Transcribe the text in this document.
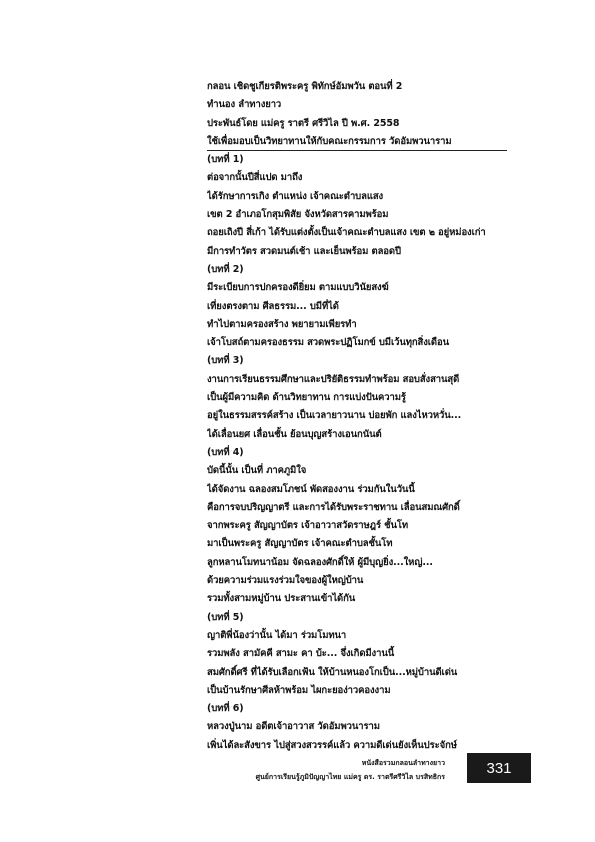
กลอน เชิดชูเกียรติพระครู พิทักษ์อัมพวัน ตอนที่ 2
ทำนอง ลำทางยาว
ประพันธ์โดย แม่ครู ราตรี ศรีวิไล ปี พ.ศ. 2558
ใช้เพื่อมอบเป็นวิทยาทานให้กับคณะกรรมการ วัดอัมพวนาราม
(บทที่ 1)
ต่อจากนั้นปีสี่แปด มาถึง
ได้รักษาการเกิง ตำแหน่ง เจ้าคณะตำบลแสง
เขต 2 อำเภอโกสุมพิสัย จังหวัดสารคามพร้อม
ถอยเถิงปี สี่เก้า ได้รับแต่งตั้งเป็นเจ้าคณะตำบลแสง เขต ๒ อยู่หม่องเก่า
มีการทำวัตร สวดมนต์เช้า และเย็นพร้อม ตลอดปี
(บทที่ 2)
มีระเบียบการปกครองดียิ่ยม ตามแบบวินัยสงฆ์
เที่ยงตรงตาม ศีลธรรม... บมีที่ได้
ทำไปตามครองสร้าง พยายามเพียรทำ
เจ้าโบสถ์ตามครองธรรม สวดพระปฏิโมกข์ บมีเว้นทุกสิ่งเดือน
(บทที่ 3)
งานการเรียนธรรมศึกษาและปริยัติธรรมทำพร้อม สอบสั่งสานสุดี
เป็นผู้มีความคิด ด้านวิทยาทาน การแบ่งปันความรู้
อยู่ในธรรมสรรค์สร้าง เป็นเวลายาวนาน บ่อยพัก แลงไหวหวั่น...
ได้เลื่อนยศ เลื่อนชั้น ย้อนบุญสร้างเอนกนันต์
(บทที่ 4)
บัดนี้นั้น เป็นที่ ภาคภูมิใจ
ได้จัดงาน ฉลองสมโภชน์ พัดสองงาน ร่วมกันในวันนี้
คือการจบปริญญาตรี และการได้รับพระราชทาน เลื่อนสมณศักดิ์
จากพระครู สัญญาบัตร เจ้าอาวาสวัดราษฎร์ ชั้นโท
มาเป็นพระครู สัญญาบัตร เจ้าคณะตำบลชั้นโท
ลูกหลานโมทนาน้อม จัดฉลองศักดิ์ให้ ผู้มีบุญยิ่ง...ใหญ่...
ด้วยความร่วมแรงร่วมใจของผู้ใหญ่บ้าน
รวมทั้งสามหมู่บ้าน ประสานเข้าได้กัน
(บทที่ 5)
ญาติพี่น้องว่านั้น ได้มา ร่วมโมทนา
รวมพลัง สามัคคี สามะ คา บ้ะ... จึ่งเกิดมีงานนี้
สมศักดิ์ศรี ที่ได้รับเลือกเฟ้น ให้บ้านหนองโกเป็น...หมู่บ้านดีเด่น
เป็นบ้านรักษาศีลห้าพร้อม ไผกะยอง่าวคองงาม
(บทที่ 6)
หลวงปู่นาม อดีตเจ้าอาวาส วัดอัมพวนาราม
เพิ่นได้ละสังขาร ไปสู่สวงสวรรค์แล้ว ความดีเด่นยังเห็นประจักษ์
หนังสือรวมกลอนลำทางยาว
ศูนย์การเรียนรู้ภูมิปัญญาไทย แม่ครู ดร. ราตรีศรีวิไล บรสิทธิกร
331
